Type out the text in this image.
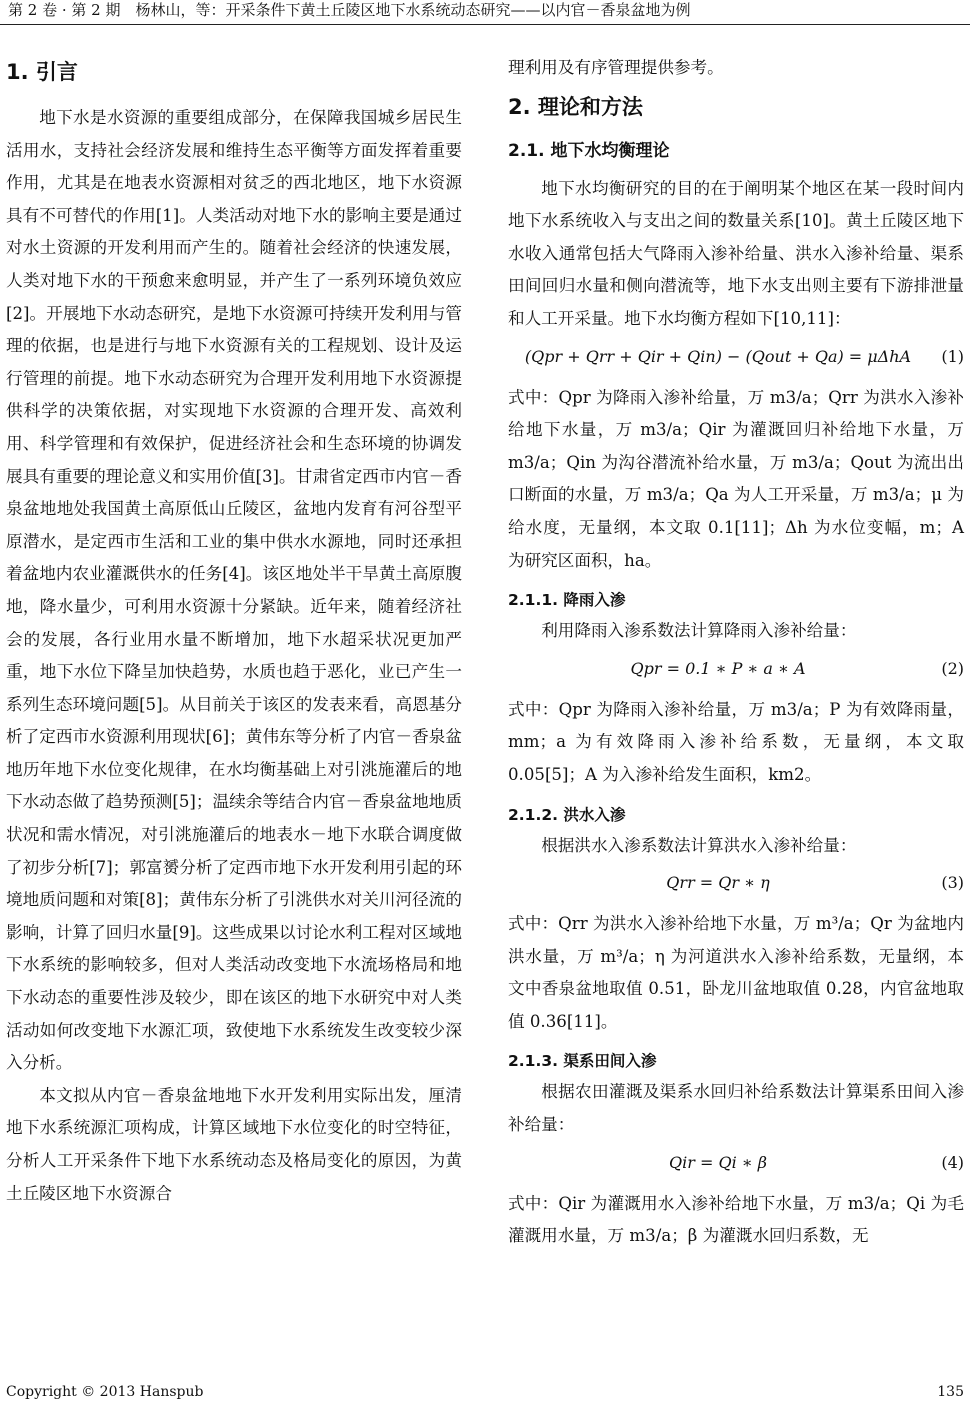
第 2 卷 · 第 2 期　杨林山，等：开采条件下黄土丘陵区地下水系统动态研究——以内官－香泉盆地为例
1. 引言

地下水是水资源的重要组成部分，在保障我国城乡居民生活用水，支持社会经济发展和维持生态平衡等方面发挥着重要作用，尤其是在地表水资源相对贫乏的西北地区，地下水资源具有不可替代的作用[1]。人类活动对地下水的影响主要是通过对水土资源的开发利用而产生的。随着社会经济的快速发展，人类对地下水的干预愈来愈明显，并产生了一系列环境负效应[2]。开展地下水动态研究，是地下水资源可持续开发利用与管理的依据，也是进行与地下水资源有关的工程规划、设计及运行管理的前提。地下水动态研究为合理开发利用地下水资源提供科学的决策依据，对实现地下水资源的合理开发、高效利用、科学管理和有效保护，促进经济社会和生态环境的协调发展具有重要的理论意义和实用价值[3]。甘肃省定西市内官－香泉盆地地处我国黄土高原低山丘陵区，盆地内发育有河谷型平原潜水，是定西市生活和工业的集中供水水源地，同时还承担着盆地内农业灌溉供水的任务[4]。该区地处半干旱黄土高原腹地，降水量少，可利用水资源十分紧缺。近年来，随着经济社会的发展，各行业用水量不断增加，地下水超采状况更加严重，地下水位下降呈加快趋势，水质也趋于恶化，业已产生一系列生态环境问题[5]。从目前关于该区的发表来看，高恩基分析了定西市水资源利用现状[6]；黄伟东等分析了内官－香泉盆地历年地下水位变化规律，在水均衡基础上对引洮施灌后的地下水动态做了趋势预测[5]；温续余等结合内官－香泉盆地地质状况和需水情况，对引洮施灌后的地表水－地下水联合调度做了初步分析[7]；郭富赟分析了定西市地下水开发利用引起的环境地质问题和对策[8]；黄伟东分析了引洮供水对关川河径流的影响，计算了回归水量[9]。这些成果以讨论水利工程对区域地下水系统的影响较多，但对人类活动改变地下水流场格局和地下水动态的重要性涉及较少，即在该区的地下水研究中对人类活动如何改变地下水源汇项，致使地下水系统发生改变较少深入分析。

本文拟从内官－香泉盆地地下水开发利用实际出发，厘清地下水系统源汇项构成，计算区域地下水位变化的时空特征，分析人工开采条件下地下水系统动态及格局变化的原因，为黄土丘陵区地下水资源合

理利用及有序管理提供参考。

2. 理论和方法
2.1. 地下水均衡理论

地下水均衡研究的目的在于阐明某个地区在某一段时间内地下水系统收入与支出之间的数量关系[10]。黄土丘陵区地下水收入通常包括大气降雨入渗补给量、洪水入渗补给量、渠系田间回归水量和侧向潜流等，地下水支出则主要有下游排泄量和人工开采量。地下水均衡方程如下[10,11]：

(Qpr + Qrr + Qir + Qin) − (Qout + Qa) = μΔhA	(1)

式中：Qpr 为降雨入渗补给量，万 m3/a；Qrr 为洪水入渗补给地下水量，万 m3/a；Qir 为灌溉回归补给地下水量，万 m3/a；Qin 为沟谷潜流补给水量，万 m3/a；Qout 为流出出口断面的水量，万 m3/a；Qa 为人工开采量，万 m3/a；μ 为给水度，无量纲，本文取 0.1[11]；Δh 为水位变幅，m；A 为研究区面积，ha。

2.1.1. 降雨入渗

利用降雨入渗系数法计算降雨入渗补给量：

Qpr = 0.1 ∗ P ∗ a ∗ A	(2)

式中：Qpr 为降雨入渗补给量，万 m3/a；P 为有效降雨量，mm；a 为有效降雨入渗补给系数，无量纲，本文取 0.05[5]；A 为入渗补给发生面积，km2。

2.1.2. 洪水入渗

根据洪水入渗系数法计算洪水入渗补给量：

Qrr = Qr ∗ η	(3)

式中：Qrr 为洪水入渗补给地下水量，万 m³/a；Qr 为盆地内洪水量，万 m³/a；η 为河道洪水入渗补给系数，无量纲，本文中香泉盆地取值 0.51，卧龙川盆地取值 0.28，内官盆地取值 0.36[11]。

2.1.3. 渠系田间入渗

根据农田灌溉及渠系水回归补给系数法计算渠系田间入渗补给量：

Qir = Qi ∗ β	(4)

式中：Qir 为灌溉用水入渗补给地下水量，万 m3/a；Qi 为毛灌溉用水量，万 m3/a；β 为灌溉水回归系数，无

Copyright © 2013 Hanspub	135
